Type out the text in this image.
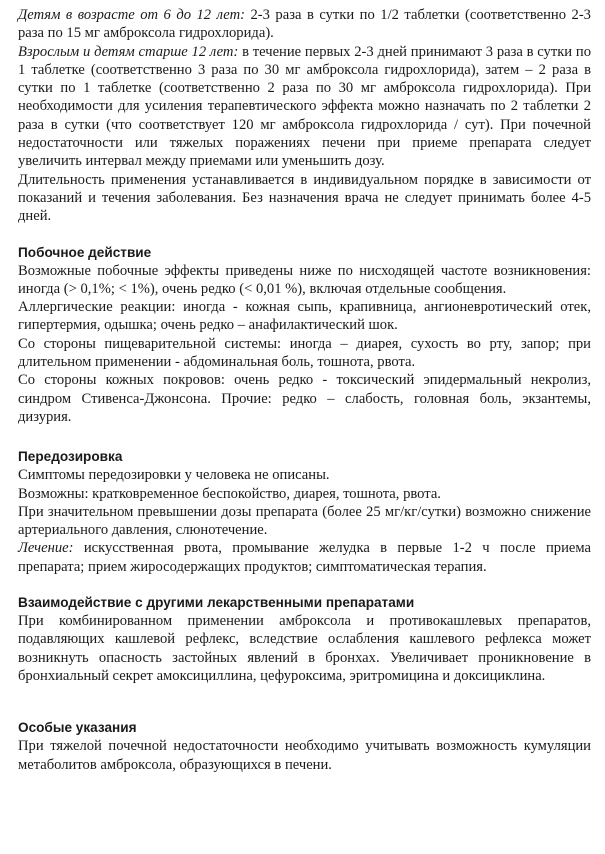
Детям в возрасте от 6 до 12 лет: 2-3 раза в сутки по 1/2 таблетки (соответственно 2-3 раза по 15 мг амброксола гидрохлорида).

Взрослым и детям старше 12 лет: в течение первых 2-3 дней принимают 3 раза в сутки по 1 таблетке (соответственно 3 раза по 30 мг амброксола гидрохлорида), затем – 2 раза в сутки по 1 таблетке (соответственно 2 раза по 30 мг амброксола гидрохлорида). При необходимости для усиления терапевтического эффекта можно назначать по 2 таблетки 2 раза в сутки (что соответствует 120 мг амброксола гидрохлорида / сут). При почечной недостаточности или тяжелых поражениях печени при приеме препарата следует увеличить интервал между приемами или уменьшить дозу.

Длительность применения устанавливается в индивидуальном порядке в зависимости от показаний и течения заболевания. Без назначения врача не следует принимать более 4-5 дней.

Побочное действие

Возможные побочные эффекты приведены ниже по нисходящей частоте возникновения: иногда (> 0,1%; < 1%), очень редко (< 0,01 %), включая отдельные сообщения.

Аллергические реакции: иногда - кожная сыпь, крапивница, ангионевротический отек, гипертермия, одышка; очень редко – анафилактический шок.

Со стороны пищеварительной системы: иногда – диарея, сухость во рту, запор; при длительном применении - абдоминальная боль, тошнота, рвота.

Со стороны кожных покровов: очень редко - токсический эпидермальный некролиз, синдром Стивенса-Джонсона. Прочие: редко – слабость, головная боль, экзантемы, дизурия.

Передозировка

Симптомы передозировки у человека не описаны.

Возможны: кратковременное беспокойство, диарея, тошнота, рвота.

При значительном превышении дозы препарата (более 25 мг/кг/сутки) возможно снижение артериального давления, слюнотечение.

Лечение: искусственная рвота, промывание желудка в первые 1-2 ч после приема препарата; прием жиросодержащих продуктов; симптоматическая терапия.

Взаимодействие с другими лекарственными препаратами

При комбинированном применении амброксола и противокашлевых препаратов, подавляющих кашлевой рефлекс, вследствие ослабления кашлевого рефлекса может возникнуть опасность застойных явлений в бронхах. Увеличивает проникновение в бронхиальный секрет амоксициллина, цефуроксима, эритромицина и доксициклина.

Особые указания

При тяжелой почечной недостаточности необходимо учитывать возможность кумуляции метаболитов амброксола, образующихся в печени.
